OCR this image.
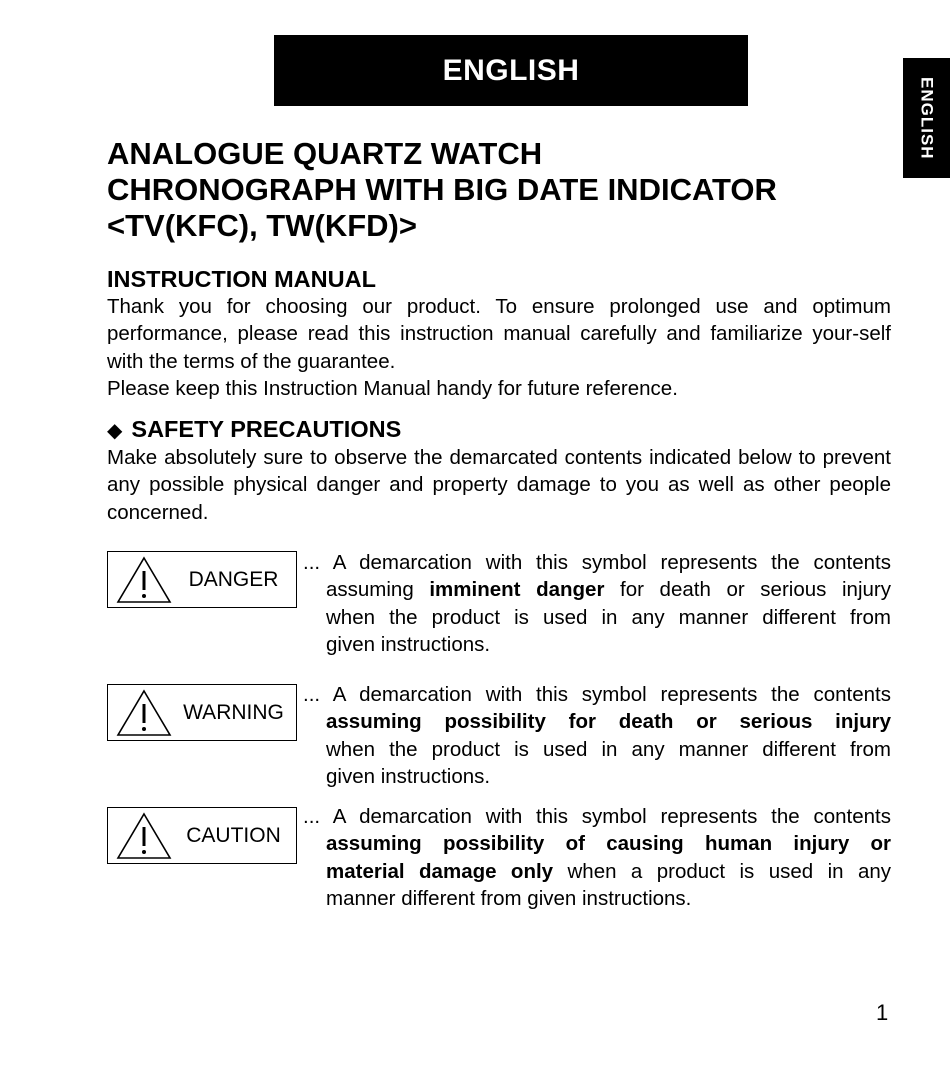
ENGLISH
ENGLISH
ANALOGUE QUARTZ WATCH
CHRONOGRAPH WITH BIG DATE INDICATOR
<TV(KFC), TW(KFD)>
INSTRUCTION MANUAL
Thank you for choosing our product. To ensure prolonged use and optimum performance, please read this instruction manual carefully and familiarize your-self with the terms of the guarantee.
Please keep this Instruction Manual handy for future reference.
◆ SAFETY PRECAUTIONS
Make absolutely sure to observe the demarcated contents indicated below to prevent any possible physical danger and property damage to you as well as other people concerned.
DANGER
... A demarcation with this symbol represents the contents
assuming imminent danger for death or serious injury
when the product is used in any manner different from
given instructions.
WARNING
... A demarcation with this symbol represents the contents
assuming possibility for death or serious injury
when the product is used in any manner different from
given instructions.
CAUTION
... A demarcation with this symbol represents the contents
assuming possibility of causing human injury or
material damage only when a product is used in any
manner different from given instructions.
1
